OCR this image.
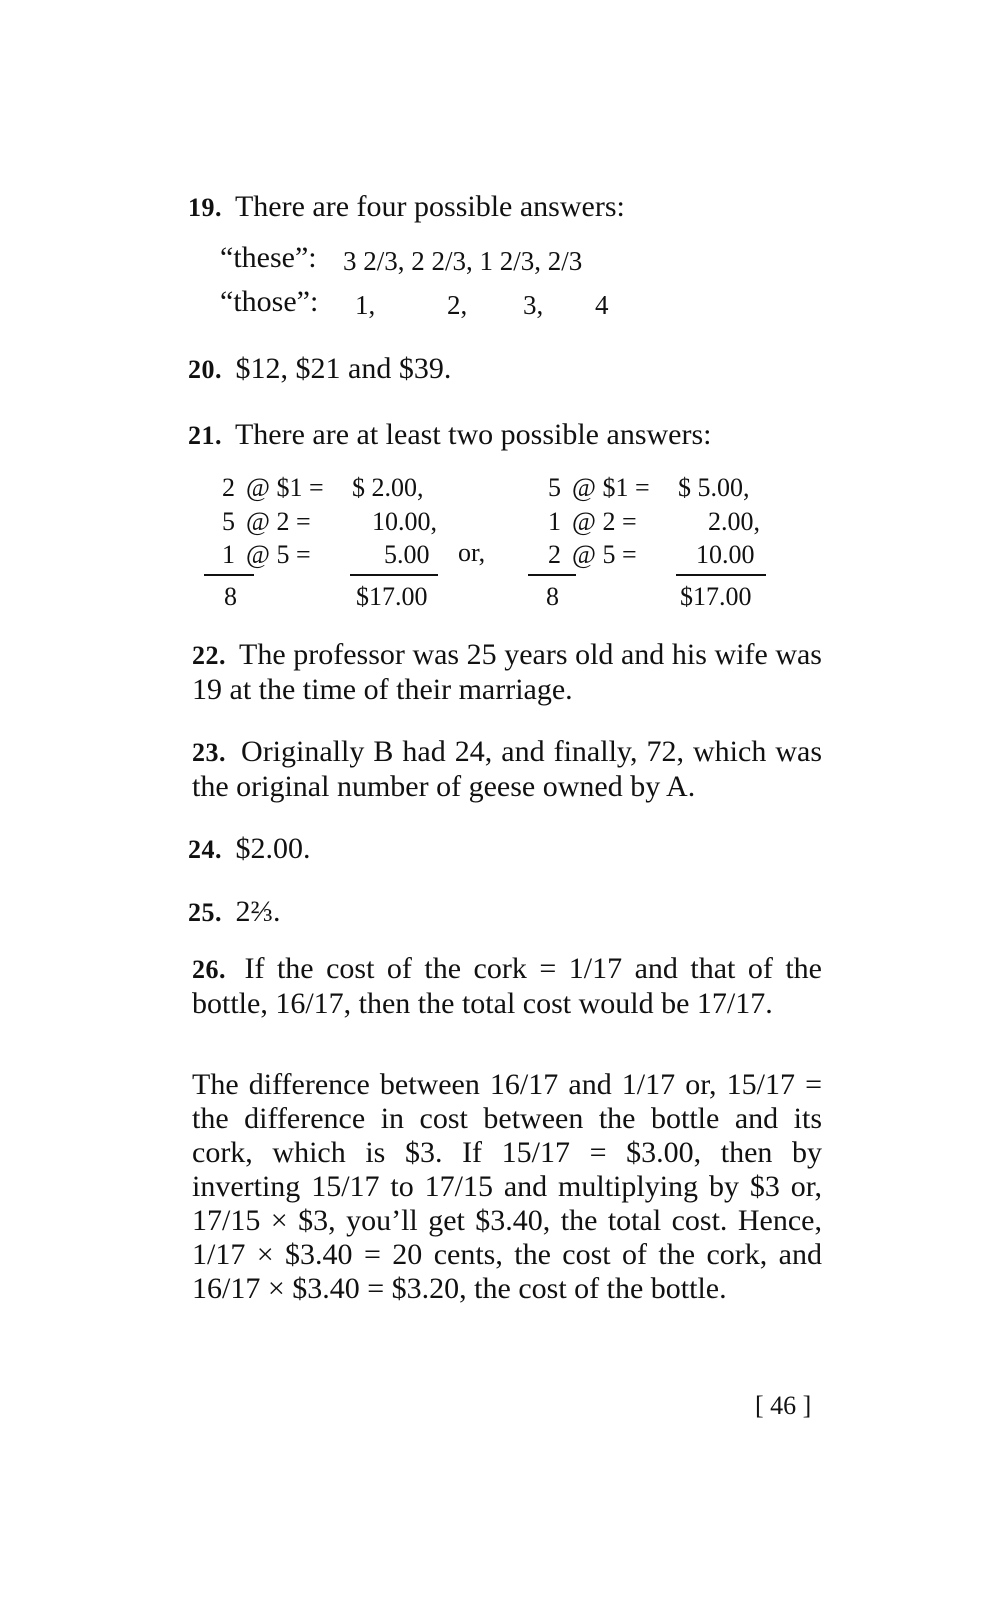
19. There are four possible answers:
“these”: 3 2/3, 2 2/3, 1 2/3, 2/3
“those”: 1,	2, 3, 4
20. $12, $21 and $39.
21. There are at least two possible answers:
2 @ $1 = $ 2.00,
5 @ 2 = 10.00,
1 @ 5 =	5.00
8	$17.00
or,
5 @ $1 = $ 5.00,
1 @ 2 =	2.00,
2 @ 5 = 10.00
8	$17.00
22. The professor was 25 years old and his wife was 19 at the time of their marriage.
23. Originally B had 24, and finally, 72, which was the original number of geese owned by A.
24. $2.00.
25. 2⅔.
26. If the cost of the cork = 1/17 and that of the bottle, 16/17, then the total cost would be 17/17.
The difference between 16/17 and 1/17 or, 15/17 = the difference in cost between the bottle and its cork, which is $3. If 15/17 = $3.00, then by inverting 15/17 to 17/15 and multiplying by $3 or, 17/15 × $3, you’ll get $3.40, the total cost. Hence, 1/17 × $3.40 = 20 cents, the cost of the cork, and 16/17 × $3.40 = $3.20, the cost of the bottle.
[ 46 ]
